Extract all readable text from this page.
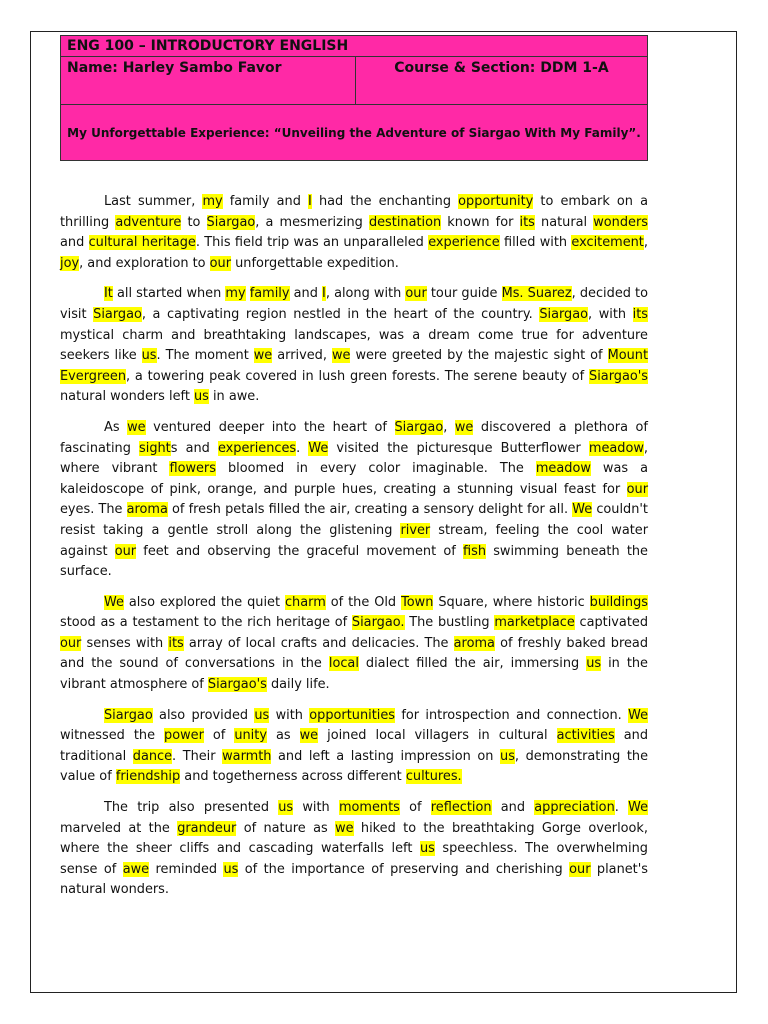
ENG 100 – INTRODUCTORY ENGLISH
Name: Harley Sambo Favor	Course & Section: DDM 1-A
My Unforgettable Experience: “Unveiling the Adventure of Siargao With My Family”.

Last summer, my family and I had the enchanting opportunity to embark on a thrilling adventure to Siargao, a mesmerizing destination known for its natural wonders and cultural heritage. This field trip was an unparalleled experience filled with excitement, joy, and exploration to our unforgettable expedition.

It all started when my family and I, along with our tour guide Ms. Suarez, decided to visit Siargao, a captivating region nestled in the heart of the country. Siargao, with its mystical charm and breathtaking landscapes, was a dream come true for adventure seekers like us. The moment we arrived, we were greeted by the majestic sight of Mount Evergreen, a towering peak covered in lush green forests. The serene beauty of Siargao's natural wonders left us in awe.

As we ventured deeper into the heart of Siargao, we discovered a plethora of fascinating sights and experiences. We visited the picturesque Butterflower meadow, where vibrant flowers bloomed in every color imaginable. The meadow was a kaleidoscope of pink, orange, and purple hues, creating a stunning visual feast for our eyes. The aroma of fresh petals filled the air, creating a sensory delight for all. We couldn't resist taking a gentle stroll along the glistening river stream, feeling the cool water against our feet and observing the graceful movement of fish swimming beneath the surface.

We also explored the quiet charm of the Old Town Square, where historic buildings stood as a testament to the rich heritage of Siargao. The bustling marketplace captivated our senses with its array of local crafts and delicacies. The aroma of freshly baked bread and the sound of conversations in the local dialect filled the air, immersing us in the vibrant atmosphere of Siargao's daily life.

Siargao also provided us with opportunities for introspection and connection. We witnessed the power of unity as we joined local villagers in cultural activities and traditional dance. Their warmth and left a lasting impression on us, demonstrating the value of friendship and togetherness across different cultures.

The trip also presented us with moments of reflection and appreciation. We marveled at the grandeur of nature as we hiked to the breathtaking Gorge overlook, where the sheer cliffs and cascading waterfalls left us speechless. The overwhelming sense of awe reminded us of the importance of preserving and cherishing our planet's natural wonders.
